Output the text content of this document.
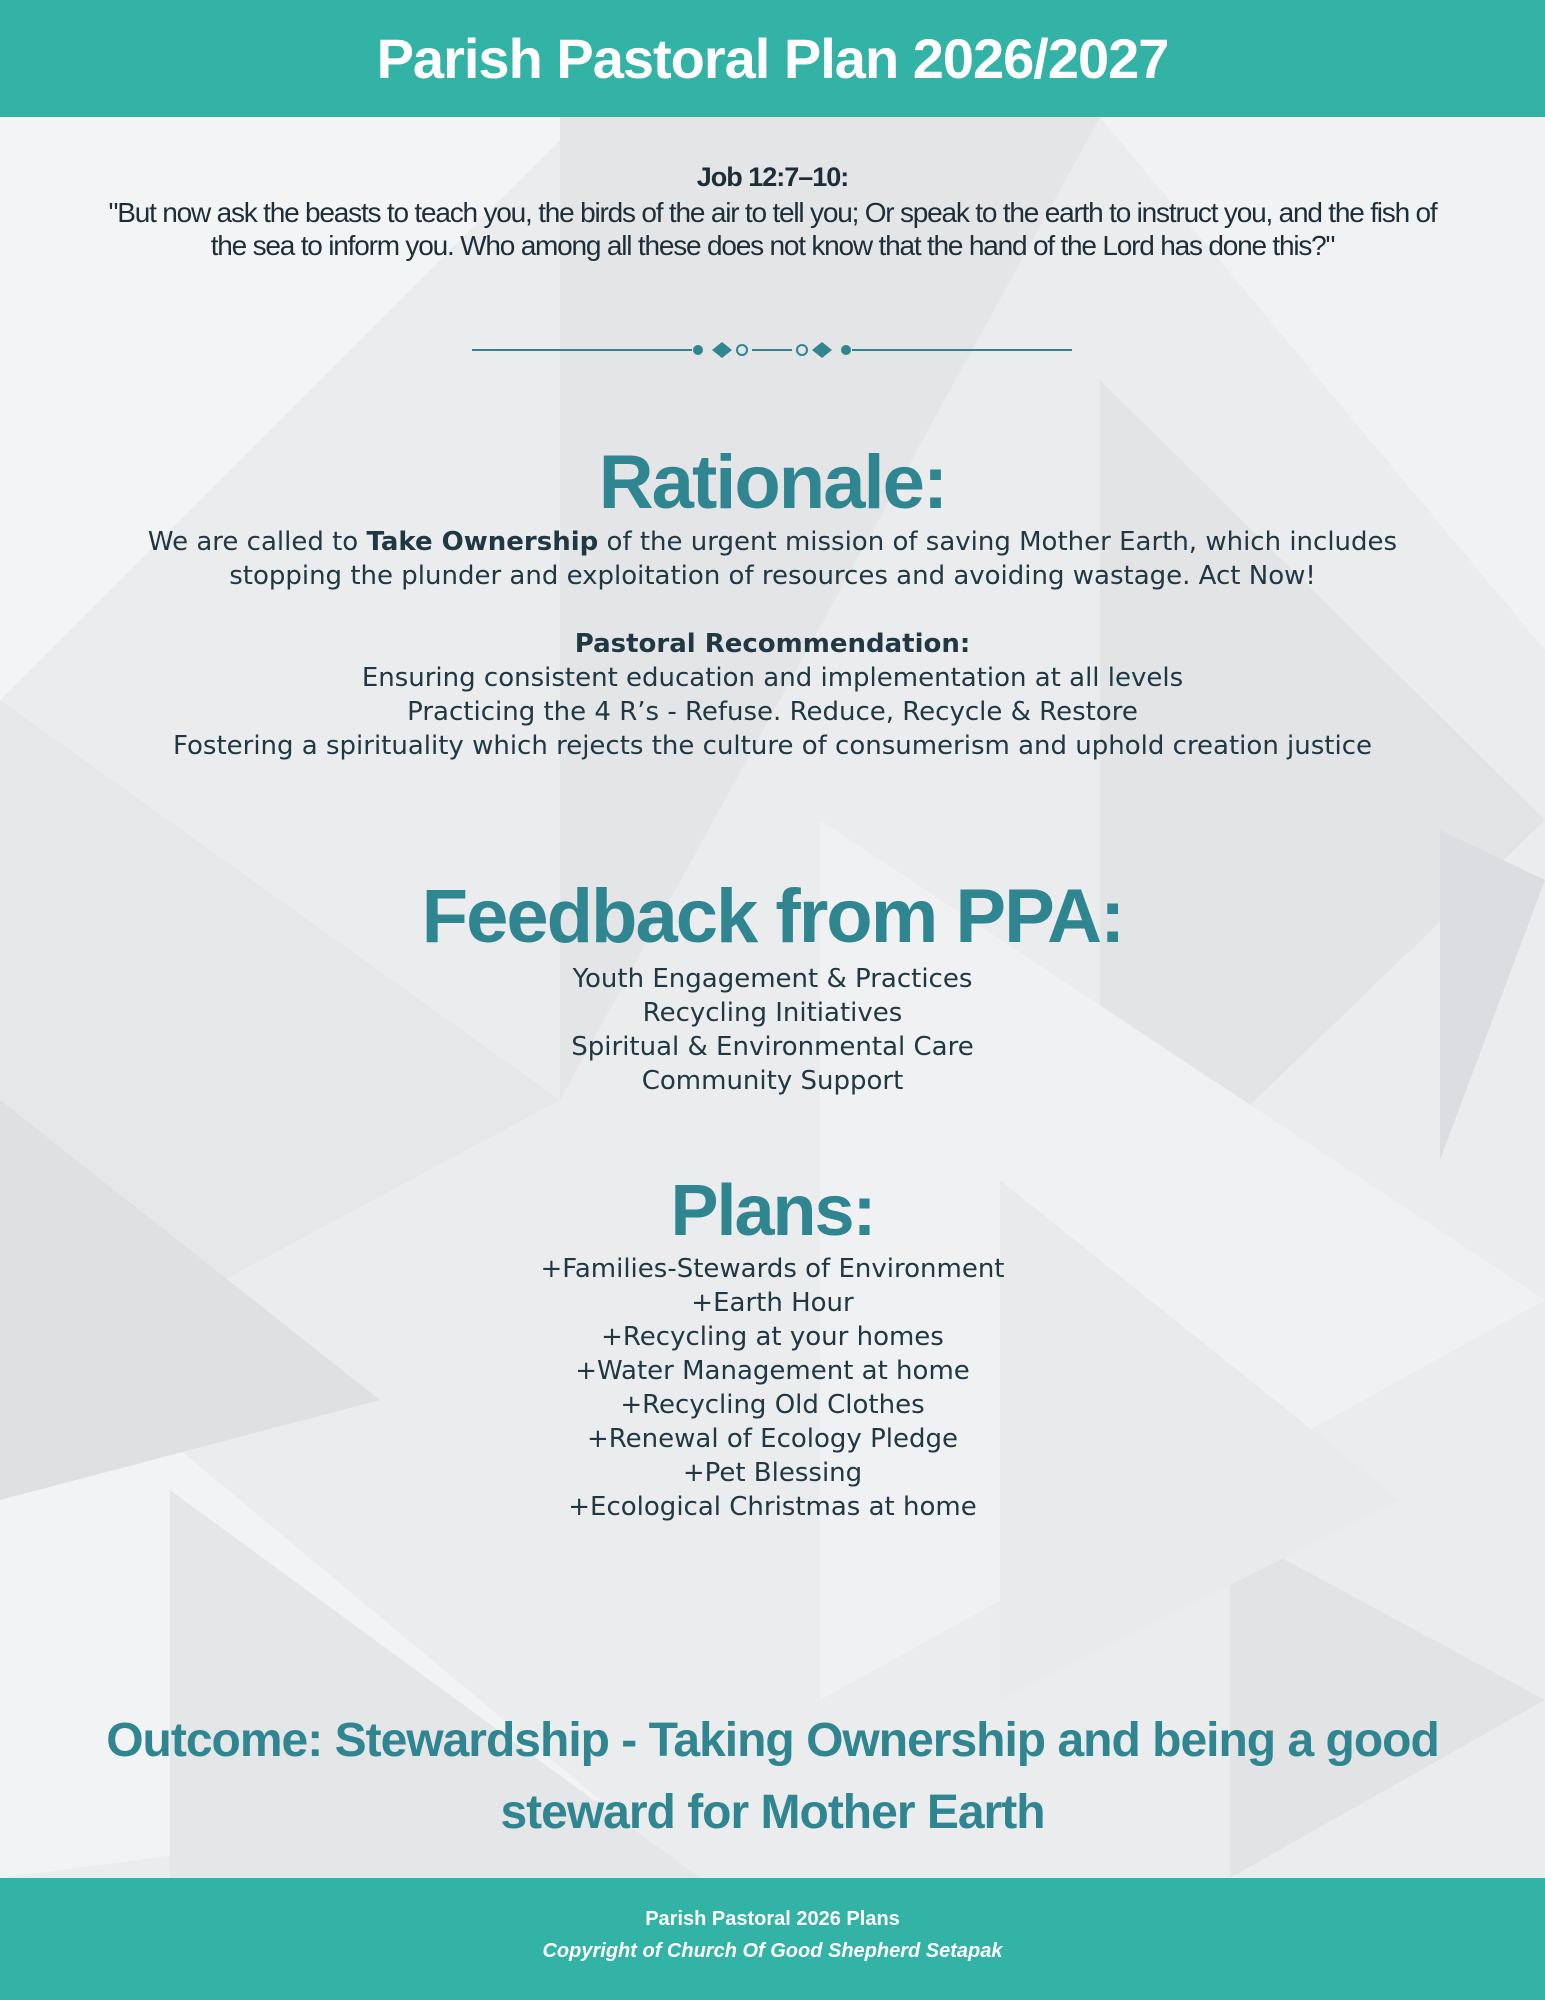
Parish Pastoral Plan 2026/2027
Job 12:7–10:
"But now ask the beasts to teach you, the birds of the air to tell you; Or speak to the earth to instruct you, and the fish of the sea to inform you. Who among all these does not know that the hand of the Lord has done this?"
Rationale:

We are called to Take Ownership of the urgent mission of saving Mother Earth, which includes stopping the plunder and exploitation of resources and avoiding wastage. Act Now!

Pastoral Recommendation:

Ensuring consistent education and implementation at all levels

Practicing the 4 R’s - Refuse. Reduce, Recycle & Restore

Fostering a spirituality which rejects the culture of consumerism and uphold creation justice

Feedback from PPA:

Youth Engagement & Practices

Recycling Initiatives

Spiritual & Environmental Care

Community Support

Plans:

+Families-Stewards of Environment

+Earth Hour

+Recycling at your homes

+Water Management at home

+Recycling Old Clothes

+Renewal of Ecology Pledge

+Pet Blessing

+Ecological Christmas at home

Outcome: Stewardship - Taking Ownership and being a good steward for Mother Earth

Parish Pastoral 2026 Plans
Copyright of Church Of Good Shepherd Setapak
